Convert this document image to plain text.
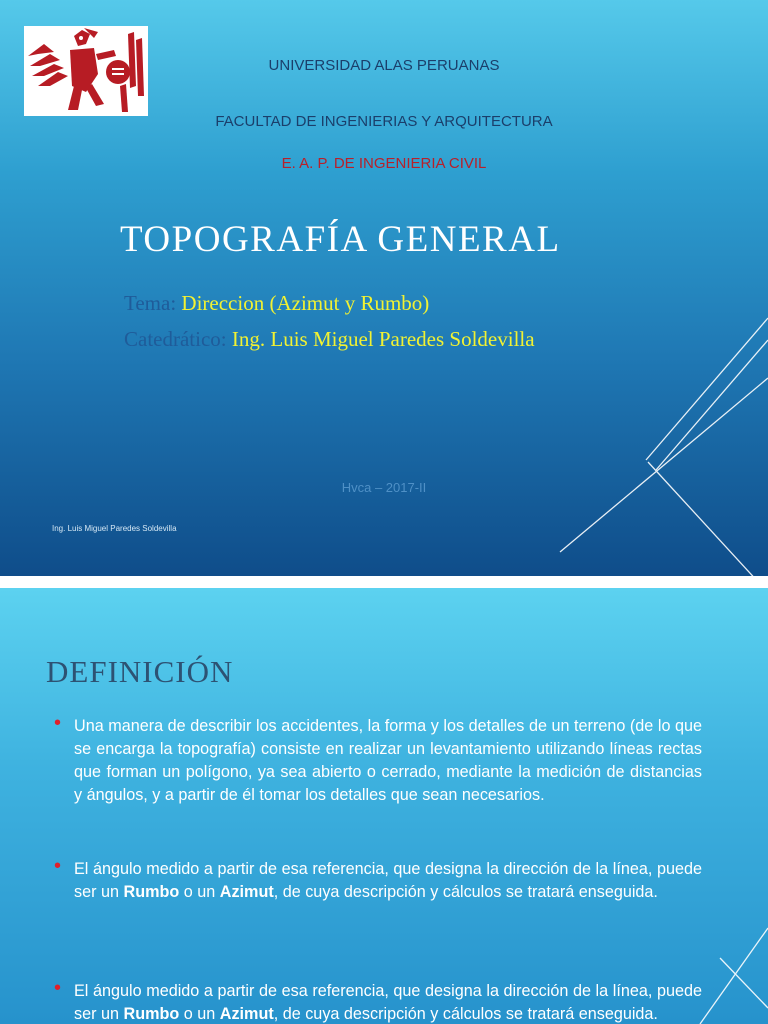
UNIVERSIDAD ALAS PERUANAS
FACULTAD DE INGENIERIAS Y ARQUITECTURA
E. A. P. DE INGENIERIA CIVIL
TOPOGRAFÍA GENERAL
Tema: Direccion (Azimut y Rumbo)
Catedrático: Ing. Luis Miguel Paredes Soldevilla
Hvca – 2017-II
Ing. Luis Miguel Paredes Soldevilla
DEFINICIÓN
• Una manera de describir los accidentes, la forma y los detalles de un terreno (de lo que se encarga la topografía) consiste en realizar un levantamiento utilizando líneas rectas que forman un polígono, ya sea abierto o cerrado, mediante la medición de distancias y ángulos, y a partir de él tomar los detalles que sean necesarios.
• El ángulo medido a partir de esa referencia, que designa la dirección de la línea, puede ser un Rumbo o un Azimut, de cuya descripción y cálculos se tratará enseguida.
• El ángulo medido a partir de esa referencia, que designa la dirección de la línea, puede ser un Rumbo o un Azimut, de cuya descripción y cálculos se tratará enseguida.
